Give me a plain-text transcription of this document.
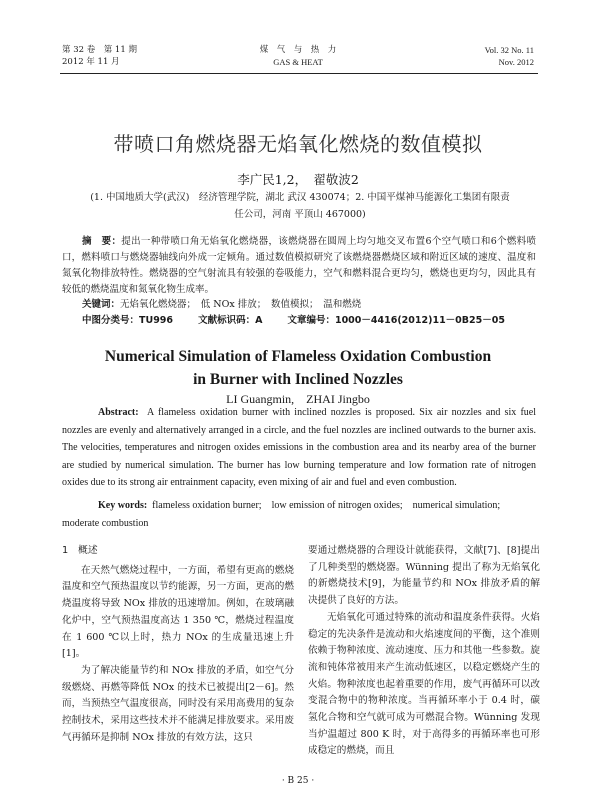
第 32 卷　第 11 期
2012 年 11 月
煤　气　与　热　力
GAS & HEAT
Vol. 32 No. 11
Nov. 2012
带喷口角燃烧器无焰氧化燃烧的数值模拟
李广民1,2，　翟敬波2
(1. 中国地质大学(武汉)　经济管理学院，湖北 武汉 430074；2. 中国平煤神马能源化工集团有限责任公司，河南 平顶山 467000)
摘　要：提出一种带喷口角无焰氧化燃烧器，该燃烧器在圆周上均匀地交叉布置6个空气喷口和6个燃料喷口，燃料喷口与燃烧器轴线向外成一定倾角。通过数值模拟研究了该燃烧器燃烧区域和附近区域的速度、温度和氮氧化物排放特性。燃烧器的空气射流具有较强的卷吸能力，空气和燃料混合更均匀，燃烧也更均匀，因此具有较低的燃烧温度和氮氧化物生成率。
关键词：无焰氧化燃烧器；　低 NOx 排放；　数值模拟；　温和燃烧
中图分类号：TU996	文献标识码：A	文章编号：1000－4416(2012)11－0B25－05
Numerical Simulation of Flameless Oxidation Combustion
in Burner with Inclined Nozzles
LI Guangmin,　ZHAI Jingbo
Abstract: A flameless oxidation burner with inclined nozzles is proposed. Six air nozzles and six fuel nozzles are evenly and alternatively arranged in a circle, and the fuel nozzles are inclined outwards to the burner axis. The velocities, temperatures and nitrogen oxides emissions in the combustion area and its nearby area of the burner are studied by numerical simulation. The burner has low burning temperature and low formation rate of nitrogen oxides due to its strong air entrainment capacity, even mixing of air and fuel and even combustion.
Key words: flameless oxidation burner;　low emission of nitrogen oxides;　numerical simulation;　moderate combustion

1　概述

在天然气燃烧过程中，一方面，希望有更高的燃烧温度和空气预热温度以节约能源，另一方面，更高的燃烧温度将导致 NOx 排放的迅速增加。例如，在玻璃融化炉中，空气预热温度高达 1 350 ℃，燃烧过程温度在 1 600 ℃以上时，热力 NOx 的生成量迅速上升[1]。

为了解决能量节约和 NOx 排放的矛盾，如空气分级燃烧、再燃等降低 NOx 的技术已被提出[2－6]。然而，当预热空气温度很高，同时没有采用高费用的复杂控制技术，采用这些技术并不能满足排放要求。采用废气再循环是抑制 NOx 排放的有效方法，这只

要通过燃烧器的合理设计就能获得，文献[7]、[8]提出了几种类型的燃烧器。Wünning 提出了称为无焰氧化的新燃烧技术[9]，为能量节约和 NOx 排放矛盾的解决提供了良好的方法。

无焰氧化可通过特殊的流动和温度条件获得。火焰稳定的先决条件是流动和火焰速度间的平衡，这个准则依赖于物种浓度、流动速度、压力和其他一些参数。旋流和钝体常被用来产生流动低速区，以稳定燃烧产生的火焰。物种浓度也起着重要的作用，废气再循环可以改变混合物中的物种浓度。当再循环率小于 0.4 时，碳氢化合物和空气就可成为可燃混合物。Wünning 发现当炉温超过 800 K 时，对于高得多的再循环率也可形成稳定的燃烧，而且

· B 25 ·
